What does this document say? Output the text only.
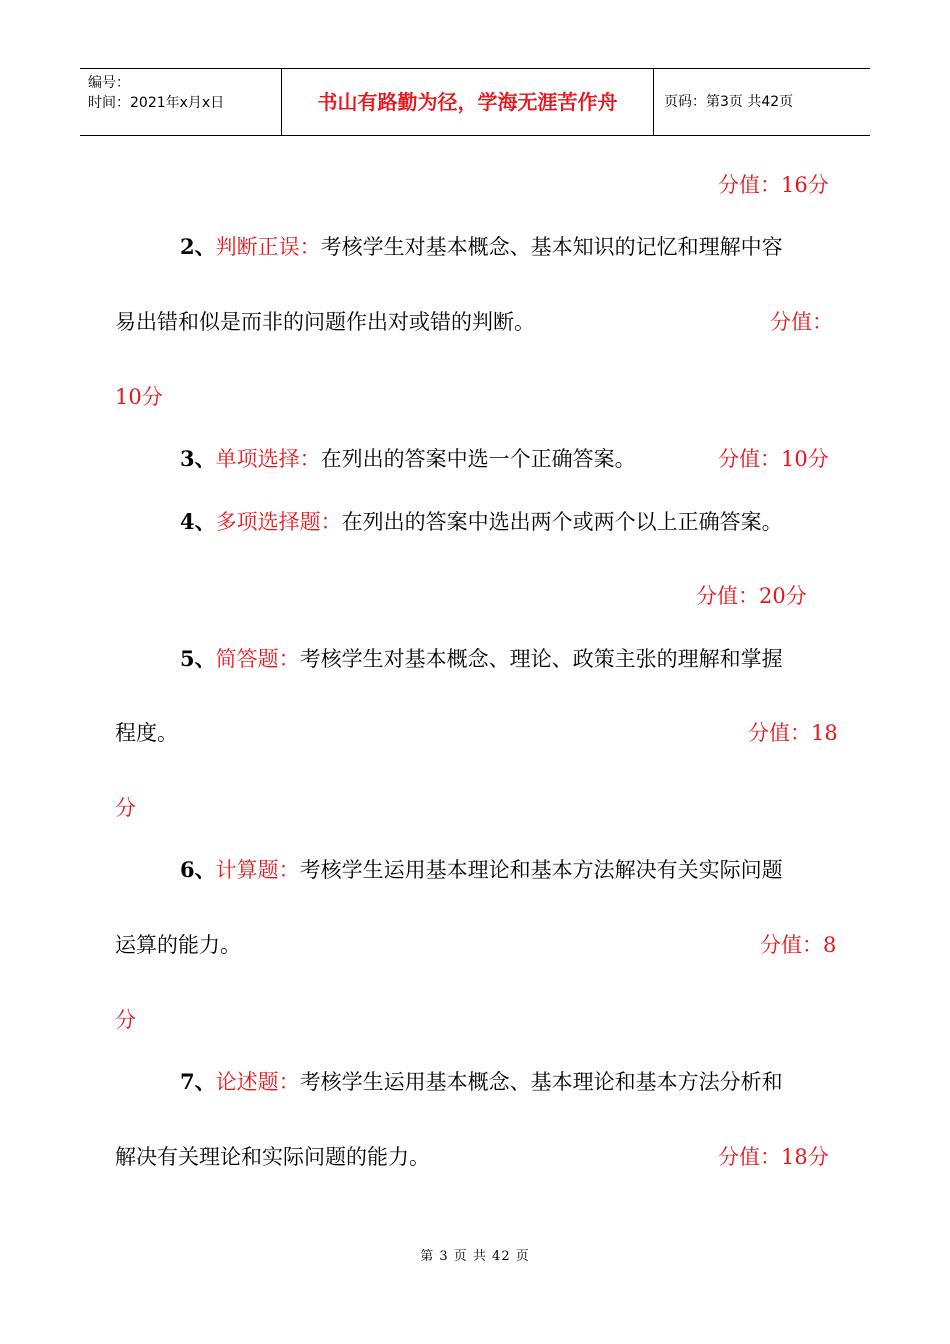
编号：
时间：2021年x月x日	书山有路勤为径，学海无涯苦作舟	页码：第3页 共42页
分值：16分
2、判断正误：考核学生对基本概念、基本知识的记忆和理解中容
易出错和似是而非的问题作出对或错的判断。	分值：
10分
3、单项选择：在列出的答案中选一个正确答案。	分值：10分
4、多项选择题：在列出的答案中选出两个或两个以上正确答案。
分值：20分
5、简答题：考核学生对基本概念、理论、政策主张的理解和掌握
程度。	分值：18
分
6、计算题：考核学生运用基本理论和基本方法解决有关实际问题
运算的能力。	分值：8
分
7、论述题：考核学生运用基本概念、基本理论和基本方法分析和
解决有关理论和实际问题的能力。	分值：18分
第 3 页 共 42 页
